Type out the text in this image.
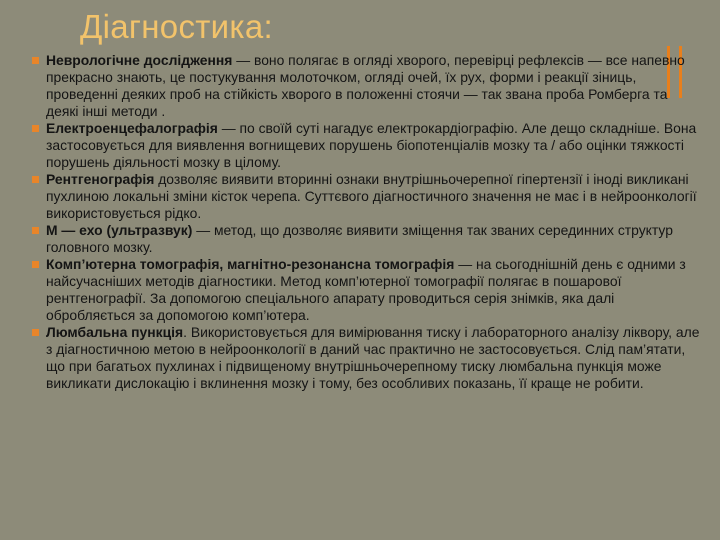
Діагностика:
Неврологічне дослідження — воно полягає в огляді хворого, перевірці рефлексів — все напевно прекрасно знають, це постукування молоточком, огляді очей, їх рух, форми і реакції зіниць, проведенні деяких проб на стійкість хворого в положенні стоячи — так звана проба Ромберга та деякі інші методи .
Електроенцефалографія — по своїй суті нагадує електрокардіографію. Але дещо складніше. Вона застосовується для виявлення вогнищевих порушень біопотенціалів мозку та / або оцінки тяжкості порушень діяльності мозку в цілому.
Рентгенографія дозволяє виявити вторинні ознаки внутрішньочерепної гіпертензії і іноді викликані пухлиною локальні зміни кісток черепа. Суттєвого діагностичного значення не має і в нейроонкології використовується рідко.
М — ехо (ультразвук) — метод, що дозволяє виявити зміщення так званих серединних структур головного мозку.
Комп’ютерна томографія, магнітно-резонансна томографія — на сьогоднішній день є одними з найсучасніших методів діагностики. Метод комп’ютерної томографії полягає в пошарової рентгенографії. За допомогою спеціального апарату проводиться серія знімків, яка далі обробляється за допомогою комп’ютера.
Люмбальна пункція. Використовується для вимірювання тиску і лабораторного аналізу ліквору, але з діагностичною метою в нейроонкології в даний час практично не застосовується. Слід пам’ятати, що при багатьох пухлинах і підвищеному внутрішньочерепному тиску люмбальна пункція може викликати дислокацію і вклинення мозку і тому, без особливих показань, її краще не робити.
